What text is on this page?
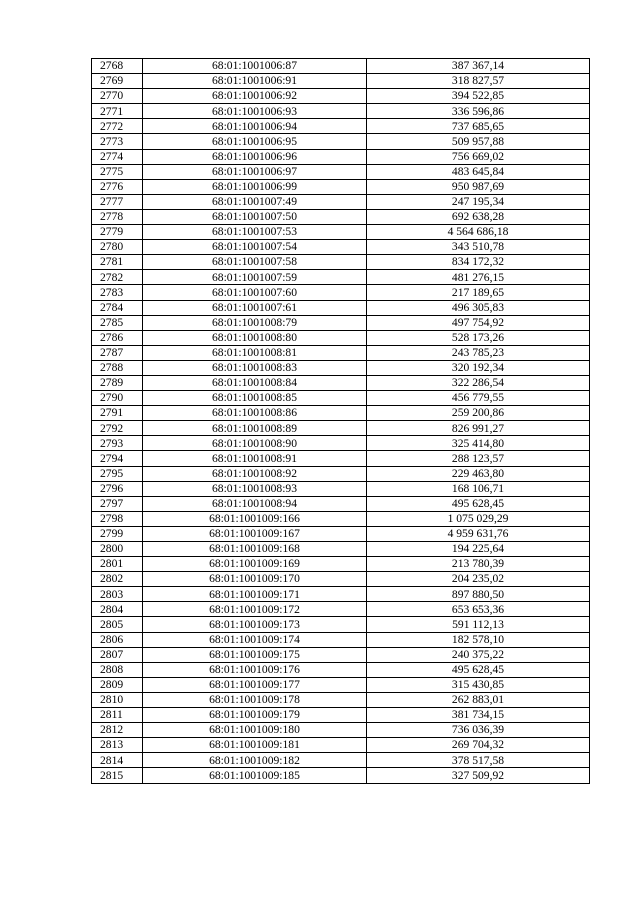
2768	68:01:1001006:87	387 367,14
2769	68:01:1001006:91	318 827,57
2770	68:01:1001006:92	394 522,85
2771	68:01:1001006:93	336 596,86
2772	68:01:1001006:94	737 685,65
2773	68:01:1001006:95	509 957,88
2774	68:01:1001006:96	756 669,02
2775	68:01:1001006:97	483 645,84
2776	68:01:1001006:99	950 987,69
2777	68:01:1001007:49	247 195,34
2778	68:01:1001007:50	692 638,28
2779	68:01:1001007:53	4 564 686,18
2780	68:01:1001007:54	343 510,78
2781	68:01:1001007:58	834 172,32
2782	68:01:1001007:59	481 276,15
2783	68:01:1001007:60	217 189,65
2784	68:01:1001007:61	496 305,83
2785	68:01:1001008:79	497 754,92
2786	68:01:1001008:80	528 173,26
2787	68:01:1001008:81	243 785,23
2788	68:01:1001008:83	320 192,34
2789	68:01:1001008:84	322 286,54
2790	68:01:1001008:85	456 779,55
2791	68:01:1001008:86	259 200,86
2792	68:01:1001008:89	826 991,27
2793	68:01:1001008:90	325 414,80
2794	68:01:1001008:91	288 123,57
2795	68:01:1001008:92	229 463,80
2796	68:01:1001008:93	168 106,71
2797	68:01:1001008:94	495 628,45
2798	68:01:1001009:166	1 075 029,29
2799	68:01:1001009:167	4 959 631,76
2800	68:01:1001009:168	194 225,64
2801	68:01:1001009:169	213 780,39
2802	68:01:1001009:170	204 235,02
2803	68:01:1001009:171	897 880,50
2804	68:01:1001009:172	653 653,36
2805	68:01:1001009:173	591 112,13
2806	68:01:1001009:174	182 578,10
2807	68:01:1001009:175	240 375,22
2808	68:01:1001009:176	495 628,45
2809	68:01:1001009:177	315 430,85
2810	68:01:1001009:178	262 883,01
2811	68:01:1001009:179	381 734,15
2812	68:01:1001009:180	736 036,39
2813	68:01:1001009:181	269 704,32
2814	68:01:1001009:182	378 517,58
2815	68:01:1001009:185	327 509,92
